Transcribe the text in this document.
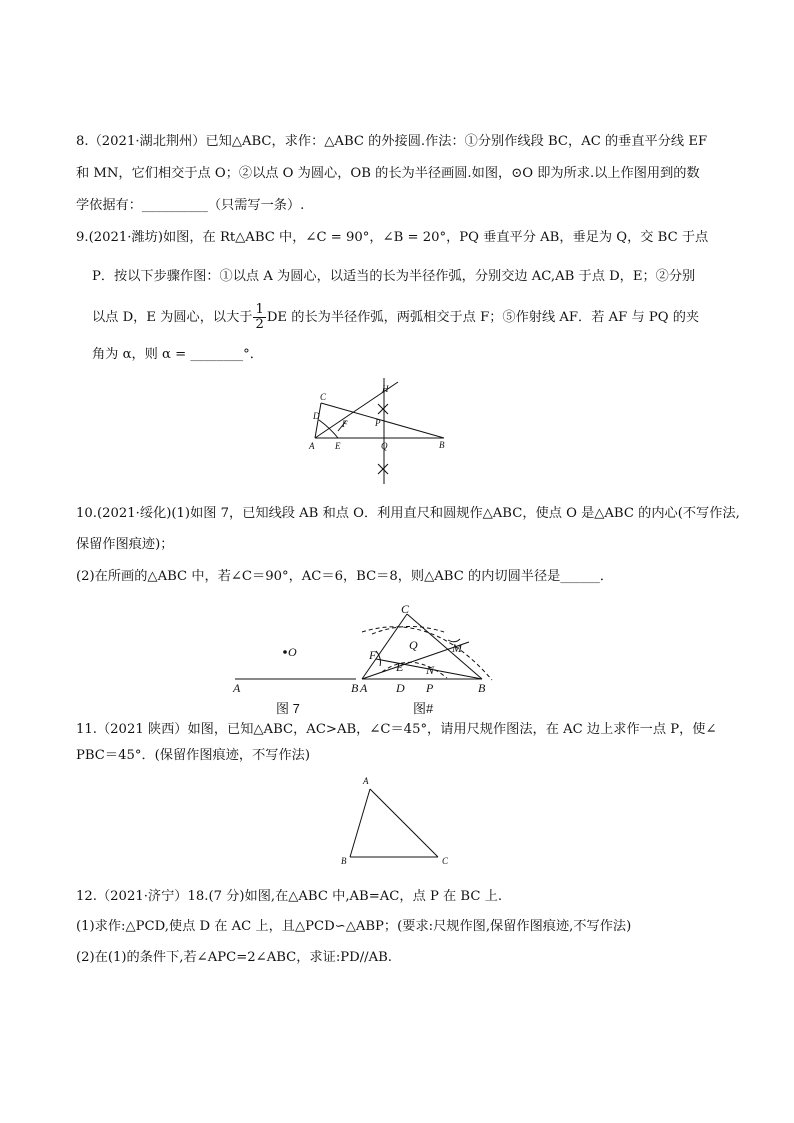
8.（2021·湖北荆州）已知△ABC，求作：△ABC 的外接圆.作法：①分别作线段 BC，AC 的垂直平分线 EF
和 MN，它们相交于点 O；②以点 O 为圆心，OB 的长为半径画圆.如图，⊙O 即为所求.以上作图用到的数
学依据有：__________（只需写一条）.
9.(2021·潍坊)如图，在 Rt△ABC 中，∠C = 90°，∠B = 20°，PQ 垂直平分 AB，垂足为 Q，交 BC 于点
P．按以下步骤作图：①以点 A 为圆心，以适当的长为半径作弧，分别交边 AC,AB 于点 D，E；②分别
以点 D，E 为圆心，以大于 $\frac{1}{2}$ DE 的长为半径作弧，两弧相交于点 F；⑤作射线 AF．若 AF 与 PQ 的夹
角为 α，则 α = ________°．
C
D
F	P
A E	Q	B
H
10.(2021·绥化)(1)如图 7，已知线段 AB 和点 O．利用直尺和圆规作△ABC，使点 O 是△ABC 的内心(不写作法,
保留作图痕迹)；
(2)在所画的△ABC 中，若∠C＝90°，AC＝6，BC＝8，则△ABC 的内切圆半径是______．
O
A	B
图 7
C
M
Q
F
E N
A D P	B
图#
11.（2021 陕西）如图，已知△ABC，AC>AB，∠C＝45°，请用尺规作图法，在 AC 边上求作一点 P，使∠
PBC＝45°．(保留作图痕迹，不写作法)
A
B	C
12.（2021·济宁）18.(7 分)如图,在△ABC 中,AB=AC，点 P 在 BC 上.
(1)求作:△PCD,使点 D 在 AC 上，且△PCD∽△ABP；(要求:尺规作图,保留作图痕迹,不写作法)
(2)在(1)的条件下,若∠APC=2∠ABC，求证:PD//AB.
